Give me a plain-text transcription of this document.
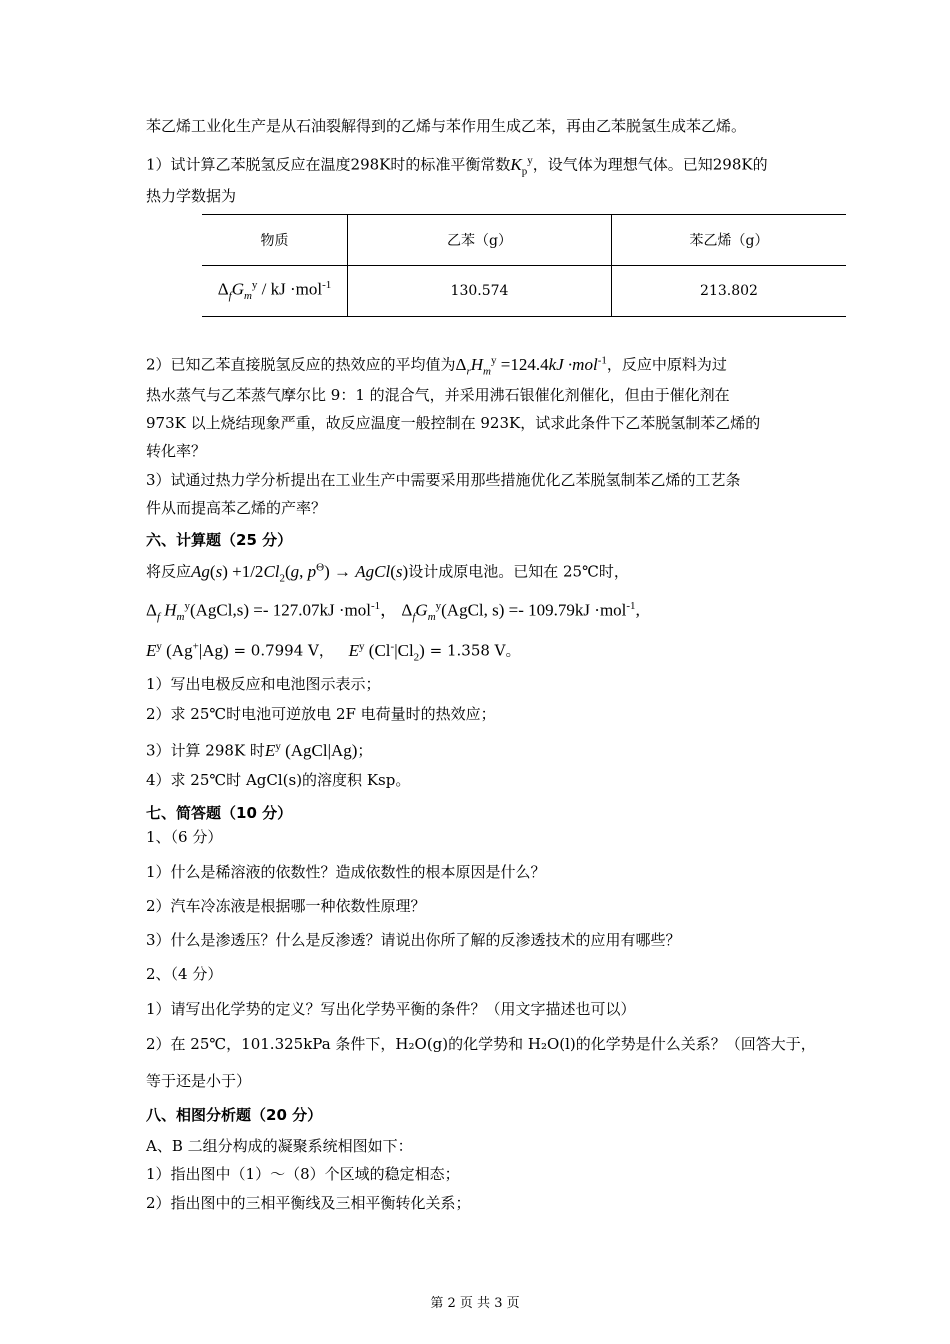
苯乙烯工业化生产是从石油裂解得到的乙烯与苯作用生成乙苯，再由乙苯脱氢生成苯乙烯。
1）试计算乙苯脱氢反应在温度298K时的标准平衡常数$K_p^y$，设气体为理想气体。已知298K的
热力学数据为
物质	乙苯（g）	苯乙烯（g）
$\Delta_fG_m^y$ / kJ ·mol$^{-1}$	130.574	213.802
2）已知乙苯直接脱氢反应的热效应的平均值为$\Delta_rH_m^y =124.4kJ \cdot mol^{-1}$，反应中原料为过
热水蒸气与乙苯蒸气摩尔比 9：1 的混合气，并采用沸石银催化剂催化，但由于催化剂在
973K 以上烧结现象严重，故反应温度一般控制在 923K，试求此条件下乙苯脱氢制苯乙烯的
转化率？
3）试通过热力学分析提出在工业生产中需要采用那些措施优化乙苯脱氢制苯乙烯的工艺条
件从而提高苯乙烯的产率？
六、计算题（25 分）
将反应$Ag(s) +1/2Cl_2(g$, $p^\Theta$) → AgCl(s)设计成原电池。已知在 25℃时，
$\Delta_f$ $H_m^y(AgCl,s) =- 127.07kJ \cdot mol^{-1}$， $\Delta_fG_m^y(AgCl$, s) =- 109.79kJ ·mol$^{-1}$,
$E^y$ (Ag+|Ag) = 0.7994 V， $E^y$ $(Cl^-|Cl_2) = 1.358$ V。
1）写出电极反应和电池图示表示；
2）求 25℃时电池可逆放电 2F 电荷量时的热效应；
3）计算 298K 时$E^y$ (AgCl|Ag)；
4）求 25℃时 AgCl(s)的溶度积 Ksp。
七、简答题（10 分）
1、（6 分）
1）什么是稀溶液的依数性？造成依数性的根本原因是什么？
2）汽车冷冻液是根据哪一种依数性原理？
3）什么是渗透压？什么是反渗透？请说出你所了解的反渗透技术的应用有哪些？
2、（4 分）
1）请写出化学势的定义？写出化学势平衡的条件？（用文字描述也可以）
2）在 25℃，101.325kPa 条件下，H₂O(g)的化学势和 H₂O(l)的化学势是什么关系？（回答大于，
等于还是小于）
八、相图分析题（20 分）
A、B 二组分构成的凝聚系统相图如下：
1）指出图中（1）～（8）个区域的稳定相态；
2）指出图中的三相平衡线及三相平衡转化关系；
第 2 页 共 3 页
